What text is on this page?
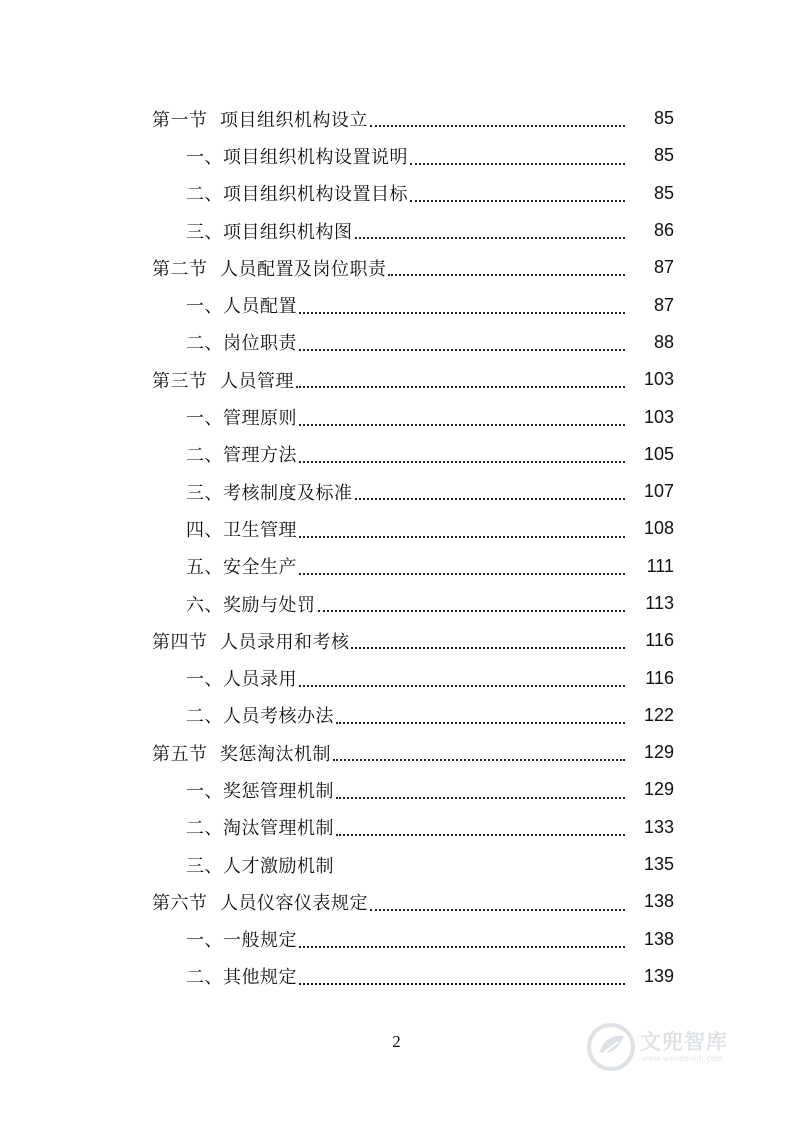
第一节  项目组织机构设立	85
一、项目组织机构设置说明	85
二、项目组织机构设置目标	85
三、项目组织机构图	86
第二节  人员配置及岗位职责	87
一、人员配置	87
二、岗位职责	88
第三节  人员管理	103
一、管理原则	103
二、管理方法	105
三、考核制度及标准	107
四、卫生管理	108
五、安全生产	111
六、奖励与处罚	113
第四节  人员录用和考核	116
一、人员录用	116
二、人员考核办法	122
第五节  奖惩淘汰机制	129
一、奖惩管理机制	129
二、淘汰管理机制	133
三、人才激励机制	135
第六节  人员仪容仪表规定	138
一、一般规定	138
二、其他规定	139
2	文兜智库
www.wendoulib.com
